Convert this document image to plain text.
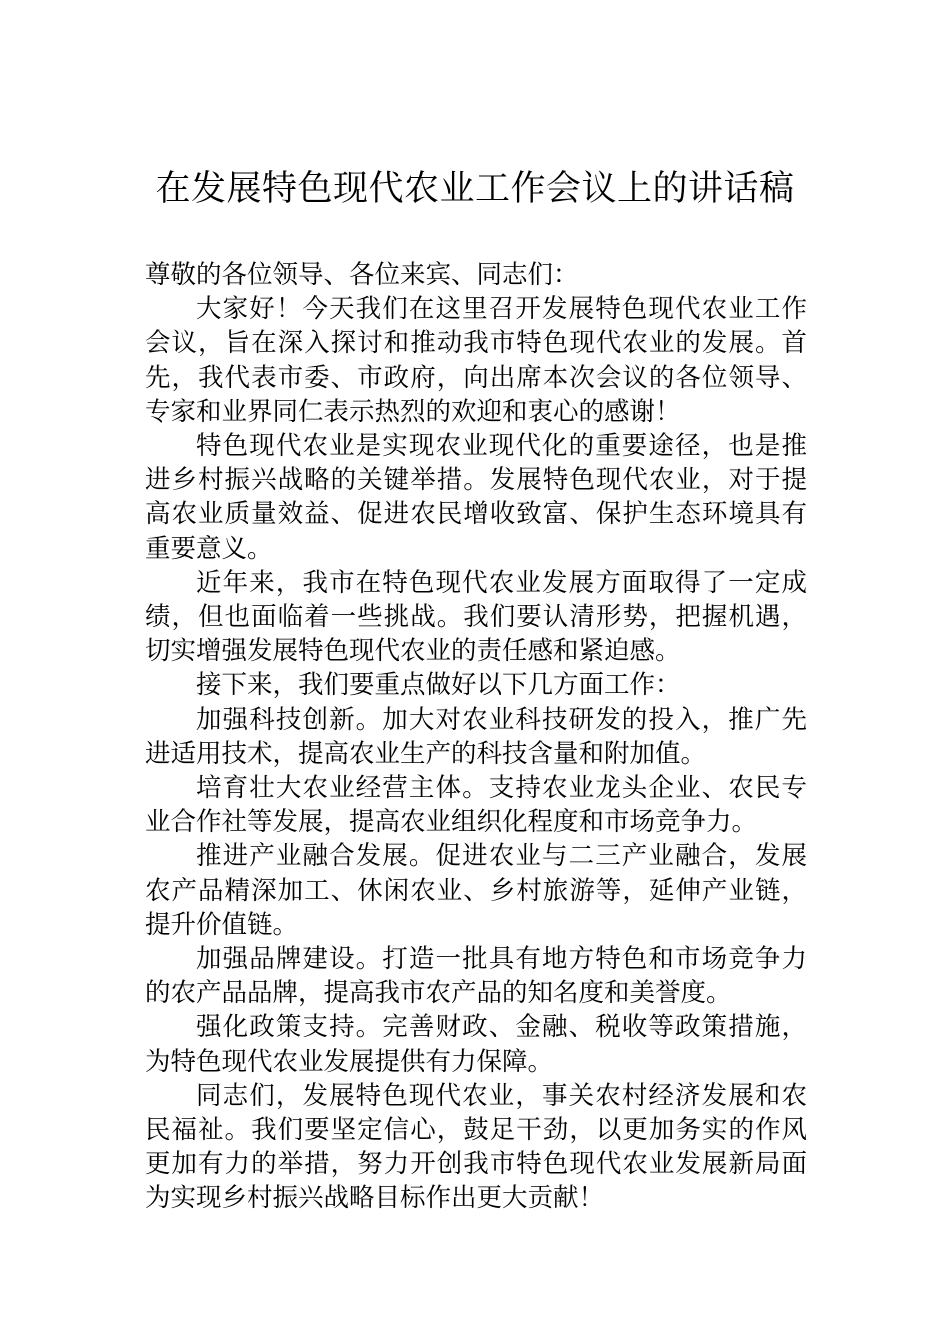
在发展特色现代农业工作会议上的讲话稿

尊敬的各位领导、各位来宾、同志们：

大家好！今天我们在这里召开发展特色现代农业工作会议，旨在深入探讨和推动我市特色现代农业的发展。首先，我代表市委、市政府，向出席本次会议的各位领导、专家和业界同仁表示热烈的欢迎和衷心的感谢！

特色现代农业是实现农业现代化的重要途径，也是推进乡村振兴战略的关键举措。发展特色现代农业，对于提高农业质量效益、促进农民增收致富、保护生态环境具有重要意义。

近年来，我市在特色现代农业发展方面取得了一定成绩，但也面临着一些挑战。我们要认清形势，把握机遇，切实增强发展特色现代农业的责任感和紧迫感。

接下来，我们要重点做好以下几方面工作：

加强科技创新。加大对农业科技研发的投入，推广先进适用技术，提高农业生产的科技含量和附加值。

培育壮大农业经营主体。支持农业龙头企业、农民专业合作社等发展，提高农业组织化程度和市场竞争力。

推进产业融合发展。促进农业与二三产业融合，发展农产品精深加工、休闲农业、乡村旅游等，延伸产业链，提升价值链。

加强品牌建设。打造一批具有地方特色和市场竞争力的农产品品牌，提高我市农产品的知名度和美誉度。

强化政策支持。完善财政、金融、税收等政策措施，为特色现代农业发展提供有力保障。

同志们，发展特色现代农业，事关农村经济发展和农民福祉。我们要坚定信心，鼓足干劲，以更加务实的作风更加有力的举措，努力开创我市特色现代农业发展新局面为实现乡村振兴战略目标作出更大贡献！
